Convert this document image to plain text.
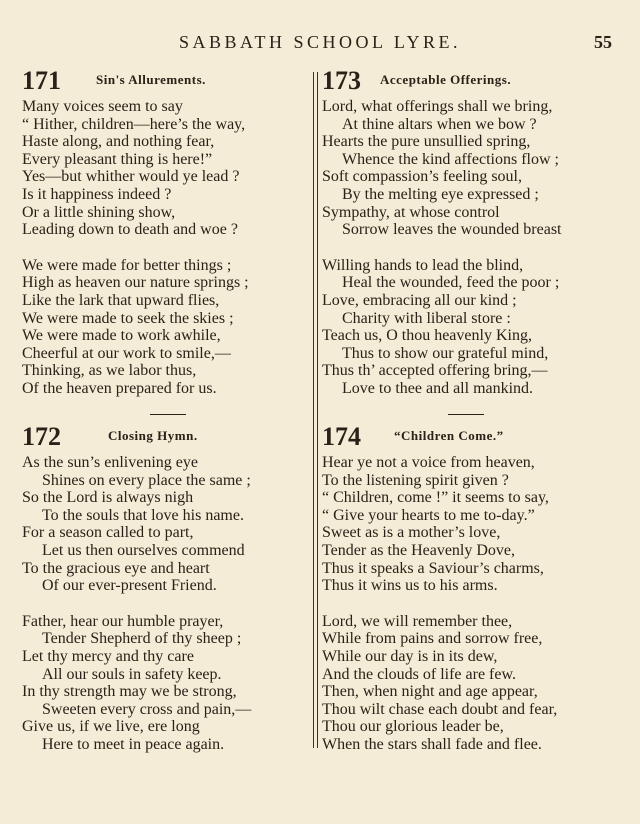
SABBATH SCHOOL LYRE.	55
171	Sin's Allurements.
Many voices seem to say
“ Hither, children—here’s the way,
Haste along, and nothing fear,
Every pleasant thing is here!”
Yes—but whither would ye lead ?
Is it happiness indeed ?
Or a little shining show,
Leading down to death and woe ?
We were made for better things ;
High as heaven our nature springs ;
Like the lark that upward flies,
We were made to seek the skies ;
We were made to work awhile,
Cheerful at our work to smile,—
Thinking, as we labor thus,
Of the heaven prepared for us.
172	Closing Hymn.
As the sun’s enlivening eye
Shines on every place the same ;
So the Lord is always nigh
To the souls that love his name.
For a season called to part,
Let us then ourselves commend
To the gracious eye and heart
Of our ever-present Friend.
Father, hear our humble prayer,
Tender Shepherd of thy sheep ;
Let thy mercy and thy care
All our souls in safety keep.
In thy strength may we be strong,
Sweeten every cross and pain,—
Give us, if we live, ere long
Here to meet in peace again.
173 Acceptable Offerings.
Lord, what offerings shall we bring,
At thine altars when we bow ?
Hearts the pure unsullied spring,
Whence the kind affections flow ;
Soft compassion’s feeling soul,
By the melting eye expressed ;
Sympathy, at whose control
Sorrow leaves the wounded breast
Willing hands to lead the blind,
Heal the wounded, feed the poor ;
Love, embracing all our kind ;
Charity with liberal store :
Teach us, O thou heavenly King,
Thus to show our grateful mind,
Thus th’ accepted offering bring,—
Love to thee and all mankind.
174	“Children Come.”
Hear ye not a voice from heaven,
To the listening spirit given ?
“ Children, come !” it seems to say,
“ Give your hearts to me to-day.”
Sweet as is a mother’s love,
Tender as the Heavenly Dove,
Thus it speaks a Saviour’s charms,
Thus it wins us to his arms.
Lord, we will remember thee,
While from pains and sorrow free,
While our day is in its dew,
And the clouds of life are few.
Then, when night and age appear,
Thou wilt chase each doubt and fear,
Thou our glorious leader be,
When the stars shall fade and flee.
